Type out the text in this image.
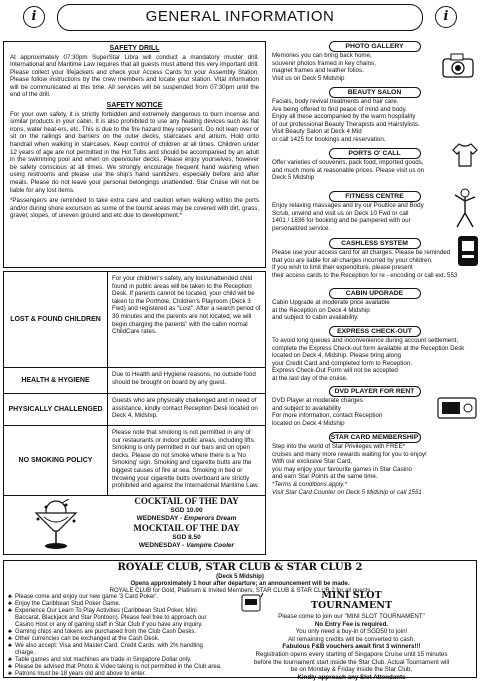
i	GENERAL INFORMATION	i
SAFETY DRILL

At approximately 07:30pm SuperStar Libra will conduct a mandatory muster drill. International and Maritime Law requires that all guests must attend this very important drill. Please collect your lifejackets and check your Access Cards for your Assembly Station. Please follow instructions by the crew members and locate your station. Vital information will be communicated at this time. All services will be suspended from 07:30pm until the end of the drill.

SAFETY NOTICE

For your own safety, it is strictly forbidden and extremely dangerous to burn incense and similar products in your cabin. It is also prohibited to use any heating devices such as flat irons, water heat-ers, etc. This is due to the fire hazard they represent. Do not lean over or sit on the railings and barriers on the outer decks, staircases and atrium. Hold onto handrail when walking in staircases. Keep control of children at all times. Children under 12 years of age are not permitted in the Hot Tubs and should be accompanied by an adult in the swimming pool and when on open/outer decks. Please enjoy yourselves, however be safety conscious at all times. We strongly encourage frequent hand washing when using restrooms and please use the ship's hand sanitizers, especially before and after meals. Please do not leave your personal belongings unattended. Star Cruise will not be liable for any lost items.

*Passenger/s are reminded to take extra care and caution when walking within the ports and/or during shore excursion as some of the tourist areas may be covered with dirt, grass, gravel, slopes, of uneven ground and etc due to development.*

LOST & FOUND CHILDREN
For your children's safety, any lost/unattended child found in public areas will be taken to the Reception Desk. If parents cannot be located, your child will be taken to the Porthole, Children's Playroom (Deck 3 Fwd) and registered as "Lost". After a search period of 30 minutes and the parents are not located, we will begin charging the parents" with the cabin normal ChildCare rates.
HEALTH & HYGIENE
Due to Health and Hygiene reasons, no outside food should be brought on board by any guest.
PHYSICALLY CHALLENGED
Guests who are physically challenged and in need of assistance, kindly contact Reception Desk located on Deck 4, Midship.
NO SMOKING POLICY
Please note that smoking is not permitted in any of our restaurants or indoor public areas, including lifts. Smoking is only permitted in our bars and on open decks. Please do not smoke where there is a 'No Smoking' sign. Smoking and cigarette butts are the biggest causes of fire at sea. Smoking in bed or throwing your cigarette butts overboard are strictly prohibited and against the International Maritime Law.
COCKTAIL OF THE DAY
SGD 10.00
WEDNESDAY - Emperors Dream
MOCKTAIL OF THE DAY
SGD 8.50
WEDNESDAY - Vampire Cooler
PHOTO GALLERY
Memories you can bring back home,
souvenir photos framed in key chains,
magnet frames and leather folios.
Visit us on Deck 5 Midship
BEAUTY SALON
Facials, body revival treatments and hair care.
Are being offered to find peace of mind and body.
Enjoy all these accompanied by the warm hospitality
of our professional Beauty Therapists and Hairstylists.
Visit Beauty Salon at Deck 4 Mid
or call 1425 for bookings and reservation.
PORTS O' CALL
Offer varieties of souvenirs, pack food, imported goods,
and much more at reasonable prices. Please visit us on
Deck 5 Midship
FITNESS CENTRE
Enjoy relaxing massages and try our Poultice and Body
Scrub, unwind and visit us on Deck 10 Fwd or call
1401 / 1836 for booking and be pampered with our
personalized service.
CASHLESS SYSTEM
Please use your access card for all charges. Please be reminded
that you are liable for all charges incurred by your children.
If you wish to limit their expenditure, please present
their access cards to the Reception for re - encoding or call ext. 553
CABIN UPGRADE
Cabin Upgrade at moderate price available
at the Reception on Deck 4 Midship
and subject to cabin availability.
EXPRESS CHECK-OUT
To avoid long queues and inconvenience during account settlement,
complete the Express Check-out form available at the Reception Desk
located on Deck 4, Midship. Please bring along
your Credit Card and completed form to Reception.
Express Check-Out Form will not be accepted
at the last day of the cruise.
DVD PLAYER FOR RENT
DVD Player at moderate charges
and subject to availability
For more information, contact Reception
located on Deck 4 Midship
STAR CARD MEMBERSHIP
Step into the world of Star Privileges with FREE*
cruises and many more rewards waiting for you to enjoy!
With our exclusive Star Card,
you may enjoy your favourite games in Star Casino
and earn Star Points at the same time.
*Terms & conditions apply.*
Visit Star Card Counter on Deck 5 Midship or call 1551
ROYALE CLUB, STAR CLUB & STAR CLUB 2
(Deck 5 Midship)
Opens approximately 1 hour after departure; an announcement will be made.
ROYALE CLUB for Gold, Platinum & Invited Members, STAR CLUB & STAR CLUB 2 for all guests
♣ Please come and enjoy our new game '3 Card Poker'.
♣ Enjoy the Caribbean Stud Poker Game.
♣ Experience Our Learn To Play Activities (Caribbean Stud Poker, Mini Baccarat, Blackjack and Star Pontoon). Please feel free to approach our Casino Host or any of gaming staff in Star Club if you have any inquiry.
♣ Gaming chips and tokens are purchased from the Club Cash Desks.
♣ Other currencies can be exchanged at the Cash Desk.
♣ We also accept: Visa and Master Card. Credit Cards: with 2% handling charge.
♣ Table games and slot machines are trade in Singapore Dollar only.
♣ Please be advised that Photo & Video taking is not permitted in the Club area.
♣ Patrons must be 18 years old and above to enter.
MINI SLOT
TOURNAMENT

Please come to join our "MINI SLOT TOURNAMENT"

No Entry Fee is required.

You only need a buy-in of SGD50 to join!

All remaining credits will be converted to cash.

Fabulous F&B vouchers await first 3 winners!!!

Registration opens every starting of Singapore Cruise until 15 minutes

before the tournament start inside the Star Club. Actual Tournament will

be on Monday & Friday inside the Star Club.

Kindly approach any Slot Attendants
